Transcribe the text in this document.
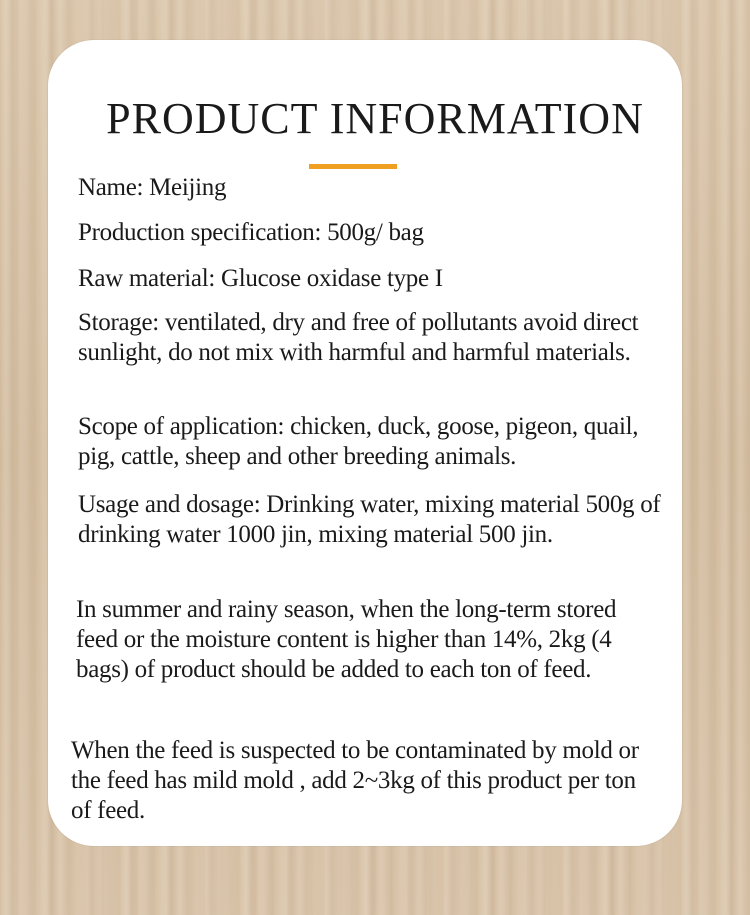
PRODUCT INFORMATION

Name: Meijing

Production specification: 500g/ bag

Raw material: Glucose oxidase type I

Storage: ventilated, dry and free of pollutants avoid direct sunlight, do not mix with harmful and harmful materials.

Scope of application: chicken, duck, goose, pigeon, quail, pig, cattle, sheep and other breeding animals.

Usage and dosage: Drinking water, mixing material 500g of drinking water 1000 jin, mixing material 500 jin.

In summer and rainy season, when the long-term stored feed or the moisture content is higher than 14%, 2kg (4 bags) of product should be added to each ton of feed.

When the feed is suspected to be contaminated by mold or the feed has mild mold , add 2~3kg of this product per ton of feed.
